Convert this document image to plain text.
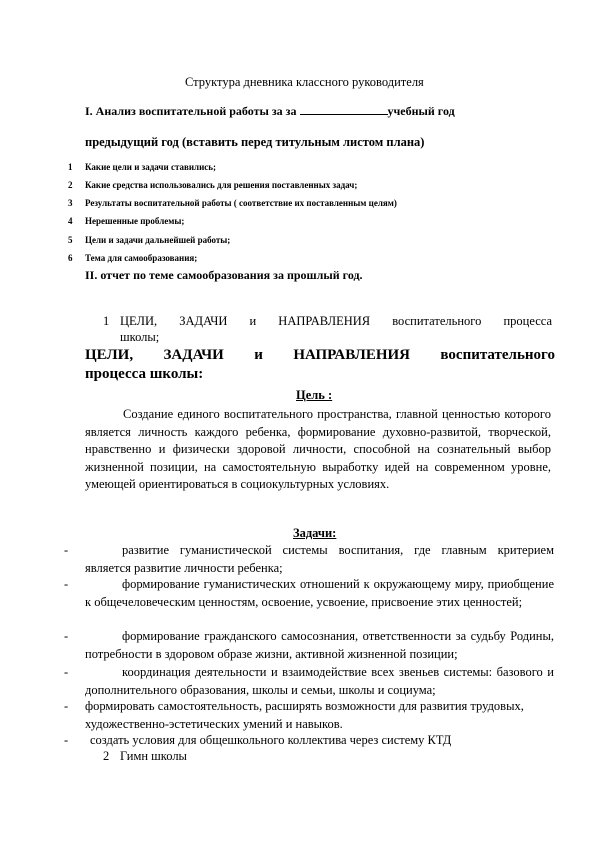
Структура дневника классного руководителя
I. Анализ воспитательной работы за за	учебный год
предыдущий год (вставить перед титульным листом плана)
1 Какие цели и задачи ставились;
2 Какие средства использовались для решения поставленных задач;
3 Результаты воспитательной работы ( соответствие их поставленным целям)
4 Нерешенные проблемы;
5 Цели и задачи дальнейшей работы;
6 Тема для самообразования;
II. отчет по теме самообразования за прошлый год.
1 ЦЕЛИ, ЗАДАЧИ и НАПРАВЛЕНИЯ воспитательного процесса
школы;
ЦЕЛИ, ЗАДАЧИ и НАПРАВЛЕНИЯ воспитательного
процесса школы:
Цель :
Создание единого воспитательного пространства, главной ценностью которого является личность каждого ребенка, формирование духовно-развитой, творческой, нравственно и физически здоровой личности, способной на сознательный выбор жизненной позиции, на самостоятельную выработку идей на современном уровне, умеющей ориентироваться в социокультурных условиях.
Задачи:
-	развитие гуманистической системы воспитания, где главным критерием является развитие личности ребенка;
-	формирование гуманистических отношений к окружающему миру, приобщение к общечеловеческим ценностям, освоение, усвоение, присвоение этих ценностей;
-	формирование гражданского самосознания, ответственности за судьбу Родины, потребности в здоровом образе жизни, активной жизненной позиции;
-	координация деятельности и взаимодействие всех звеньев системы: базового и дополнительного образования, школы и семьи, школы и социума;
-	формировать самостоятельность, расширять возможности для развития трудовых, художественно-эстетических умений и навыков.
-	создать условия для общешкольного коллектива через систему КТД
2 Гимн школы
